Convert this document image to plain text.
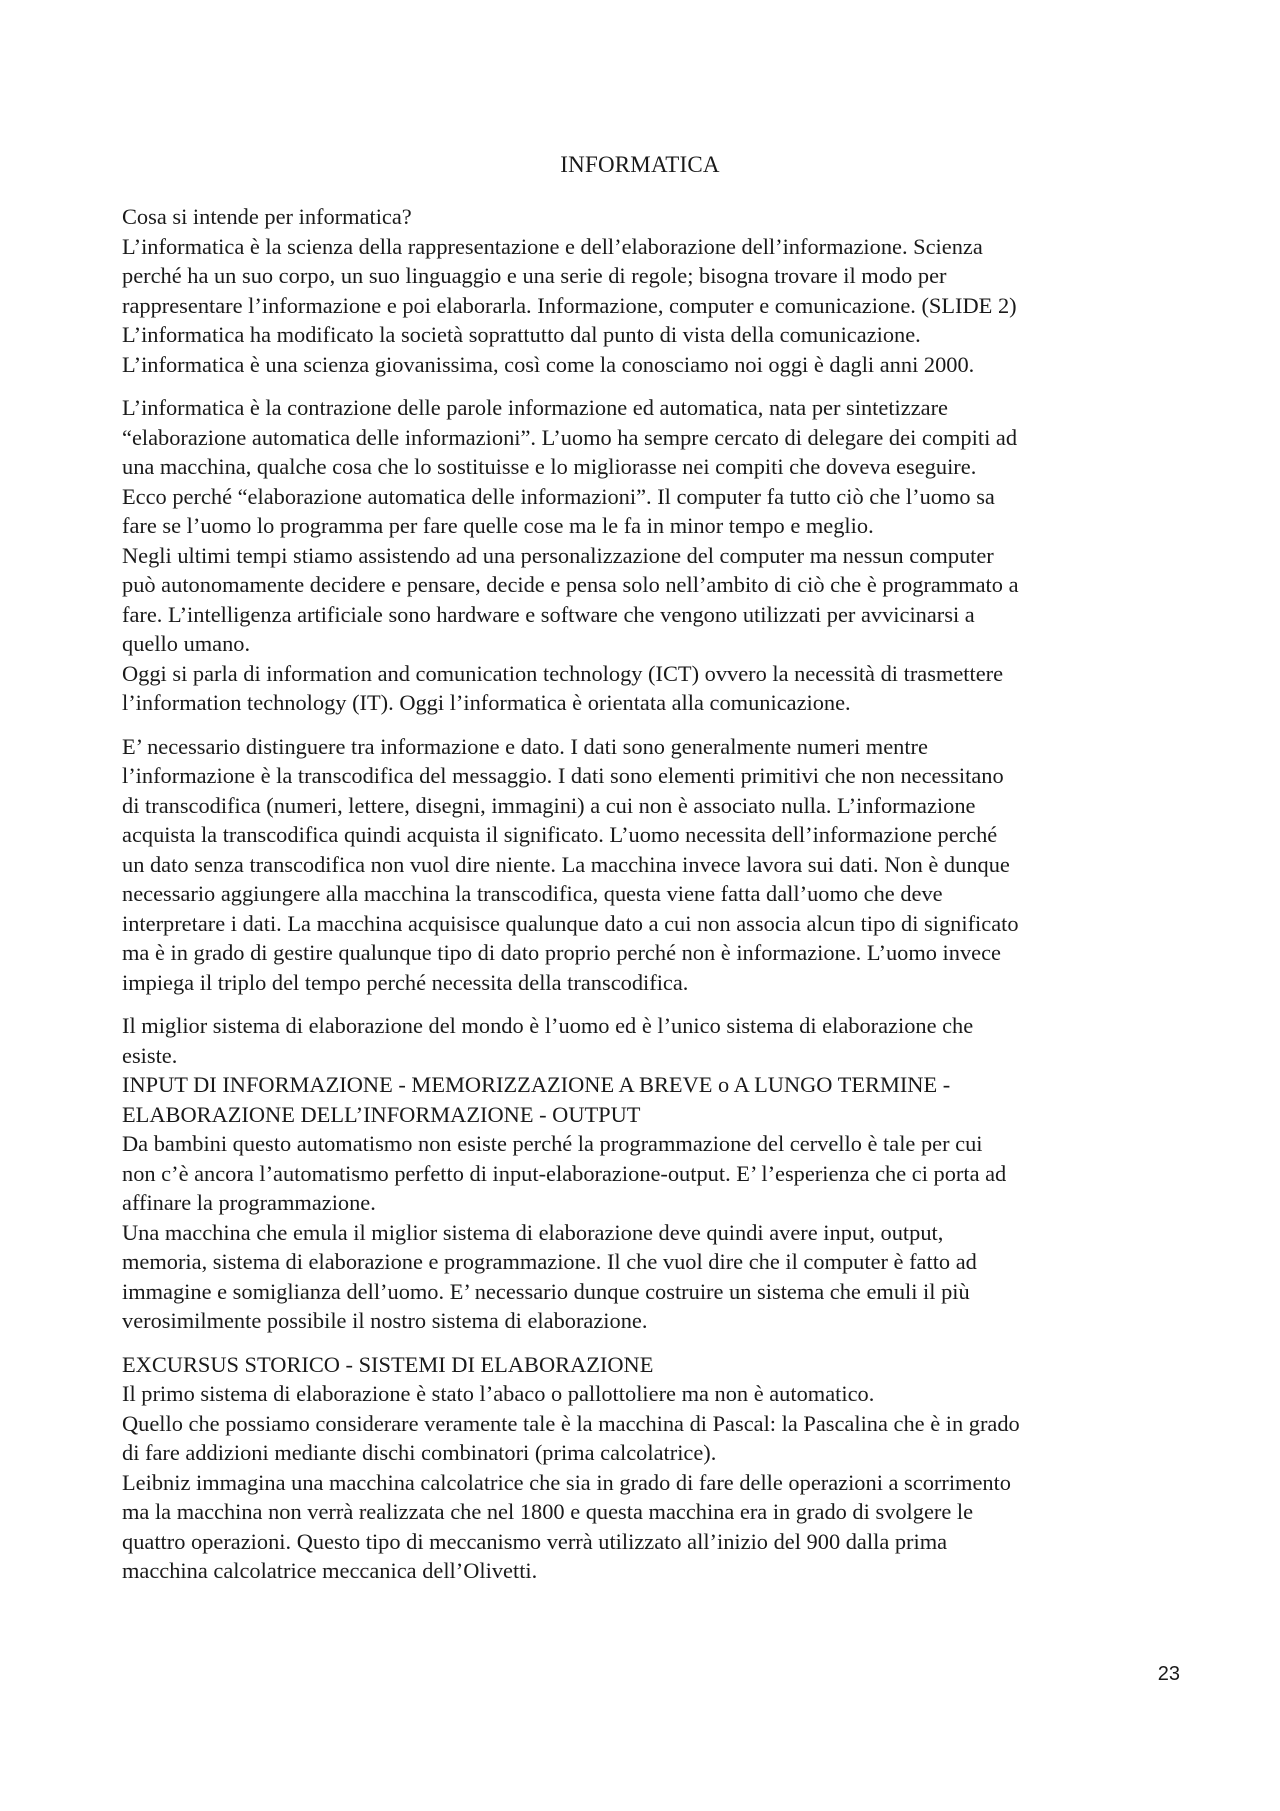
INFORMATICA

Cosa si intende per informatica?
L’informatica è la scienza della rappresentazione e dell’elaborazione dell’informazione. Scienza
perché ha un suo corpo, un suo linguaggio e una serie di regole; bisogna trovare il modo per
rappresentare l’informazione e poi elaborarla. Informazione, computer e comunicazione. (SLIDE 2)
L’informatica ha modificato la società soprattutto dal punto di vista della comunicazione.
L’informatica è una scienza giovanissima, così come la conosciamo noi oggi è dagli anni 2000.

L’informatica è la contrazione delle parole informazione ed automatica, nata per sintetizzare
“elaborazione automatica delle informazioni”. L’uomo ha sempre cercato di delegare dei compiti ad
una macchina, qualche cosa che lo sostituisse e lo migliorasse nei compiti che doveva eseguire.
Ecco perché “elaborazione automatica delle informazioni”. Il computer fa tutto ciò che l’uomo sa
fare se l’uomo lo programma per fare quelle cose ma le fa in minor tempo e meglio.
Negli ultimi tempi stiamo assistendo ad una personalizzazione del computer ma nessun computer
può autonomamente decidere e pensare, decide e pensa solo nell’ambito di ciò che è programmato a
fare. L’intelligenza artificiale sono hardware e software che vengono utilizzati per avvicinarsi a
quello umano.
Oggi si parla di information and comunication technology (ICT) ovvero la necessità di trasmettere
l’information technology (IT). Oggi l’informatica è orientata alla comunicazione.

E’ necessario distinguere tra informazione e dato. I dati sono generalmente numeri mentre
l’informazione è la transcodifica del messaggio. I dati sono elementi primitivi che non necessitano
di transcodifica (numeri, lettere, disegni, immagini) a cui non è associato nulla. L’informazione
acquista la transcodifica quindi acquista il significato. L’uomo necessita dell’informazione perché
un dato senza transcodifica non vuol dire niente. La macchina invece lavora sui dati. Non è dunque
necessario aggiungere alla macchina la transcodifica, questa viene fatta dall’uomo che deve
interpretare i dati. La macchina acquisisce qualunque dato a cui non associa alcun tipo di significato
ma è in grado di gestire qualunque tipo di dato proprio perché non è informazione. L’uomo invece
impiega il triplo del tempo perché necessita della transcodifica.

Il miglior sistema di elaborazione del mondo è l’uomo ed è l’unico sistema di elaborazione che
esiste.
INPUT DI INFORMAZIONE - MEMORIZZAZIONE A BREVE o A LUNGO TERMINE -
ELABORAZIONE DELL’INFORMAZIONE - OUTPUT
Da bambini questo automatismo non esiste perché la programmazione del cervello è tale per cui
non c’è ancora l’automatismo perfetto di input-elaborazione-output. E’ l’esperienza che ci porta ad
affinare la programmazione.
Una macchina che emula il miglior sistema di elaborazione deve quindi avere input, output,
memoria, sistema di elaborazione e programmazione. Il che vuol dire che il computer è fatto ad
immagine e somiglianza dell’uomo. E’ necessario dunque costruire un sistema che emuli il più
verosimilmente possibile il nostro sistema di elaborazione.

EXCURSUS STORICO - SISTEMI DI ELABORAZIONE
Il primo sistema di elaborazione è stato l’abaco o pallottoliere ma non è automatico.
Quello che possiamo considerare veramente tale è la macchina di Pascal: la Pascalina che è in grado
di fare addizioni mediante dischi combinatori (prima calcolatrice).
Leibniz immagina una macchina calcolatrice che sia in grado di fare delle operazioni a scorrimento
ma la macchina non verrà realizzata che nel 1800 e questa macchina era in grado di svolgere le
quattro operazioni. Questo tipo di meccanismo verrà utilizzato all’inizio del 900 dalla prima
macchina calcolatrice meccanica dell’Olivetti.

23
